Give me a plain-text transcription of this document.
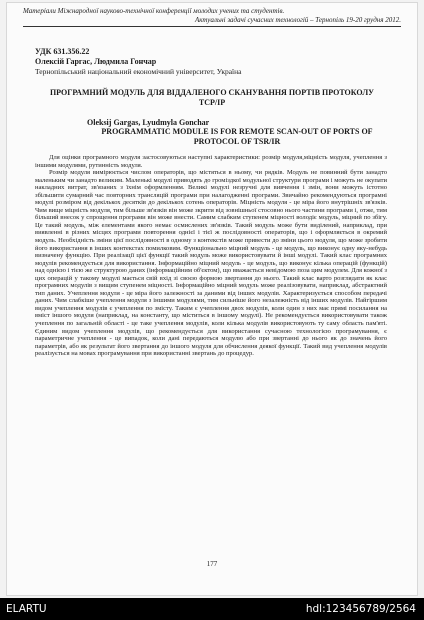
Матеріали Міжнародної науково-технічної конференції молодих учених та студентів.
Актуальні задачі сучасних технологій – Тернопіль 19-20 грудня 2012.
УДК 631.356.22
Олексій Гаргас, Людмила Гончар
Тернопільський національний економічний університет, Україна
ПРОГРАМНИЙ МОДУЛЬ ДЛЯ ВІДДАЛЕНОГО СКАНУВАННЯ ПОРТІВ ПРОТОКОЛУ TCP/IP
Oleksij Gargas, Lyudmyla Gonchar
PROGRAMMATIC MODULE IS FOR REMOTE SCAN-OUT OF PORTS OF PROTOCOL OF TSR/IR

Для оцінки програмного модуля застосовуються наступні характеристики: розмір модуля,міцність модуля, учеплення з іншими модулями, рутинність модуля.

Розмір модуля вимірюється числом операторів, що містяться в ньому, чи рядків. Модуль не повинний бути занадто маленьким чи занадто великим. Маленькі модулі приводять до громіздкої модульної структури програми і можуть не окупати накладних витрат, зв'язаних з їхнім оформленням. Великі модулі незручні для вивчення і змін, вони можуть істотно збільшити сумарний час повторних трансляцій програми при налагодженні програми. Звичайно рекомендуються програмні модулі розміром від декількох десятків до декількох сотень операторів. Міцність модуля - це міра його внутрішніх зв'язків. Чим вище міцність модуля, тим більше зв'язків він може зкрити від зовнішньої стосовно нього частини програми і, отже, тим більший внесок у спрощення програми він може внести. Самим слабким ступенем міцності володіє модуль, міцний по збігу. Це такий модуль, між елементами якого немає осмислених зв'язків. Такий модуль може бути виділений, наприклад, при виявленні в різних місцях програми повторення однієї і тієї ж послідовності операторів, що і оформляється в окремий модуль. Необхідність зміни цієї послідовності в одному з контекстів може привести до зміни цього модуля, що може зробити його використання в інших контекстах помилковим. Функціонально міцний модуль - це модуль, що виконує одну яку-небудь визначену функцію. При реалізації цієї функції такий модуль може використовувати й інші модулі. Такий клас програмних модулів рекомендується для використання. Інформаційно міцний модуль - це модуль, що виконує кілька операцій (функцій) над однією і тією же структурою даних (інформаційним об'єктом), що вважається невідомою поза цим модулем. Для кожної з цих операцій у такому модулі мається свій вхід зі своєю формою звертання до нього. Такий клас варто розглядати як клас програмних модулів з вищим ступенем міцності. Інформаційно міцний модуль може реалізовувати, наприклад, абстрактний тип даних. Учеплення модуля - це міра його залежності за даними від інших модулів. Характеризується способом передачі даних. Чим слабкіше учеплення модуля з іншими модулями, тим сильніше його незалежність від інших модулів. Найгіршим видом учеплення модулів є учеплення по змісту. Таким є учеплення двох модулів, коли один з них має прямі посилання на вміст іншого модуля (наприклад, на константу, що міститься в іншому модулі). Не рекомендується використовувати також учеплення по загальній області - це таке учеплення модулів, коли кілька модулів використовують ту саму область пам'яті. Єдиним видом учеплення модулів, що рекомендується для використання сучасною технологією програмування, є параметричне учеплення - це випадок, коли дані передаються модулю або при звертанні до нього як до значень його параметрів, або як результат його звертання до іншого модуля для обчислення деякої функції. Такий вид учеплення модулів реалізується на мовах програмування при використанні звертань до процедур.

177
ELARTU	hdl:123456789/2564
